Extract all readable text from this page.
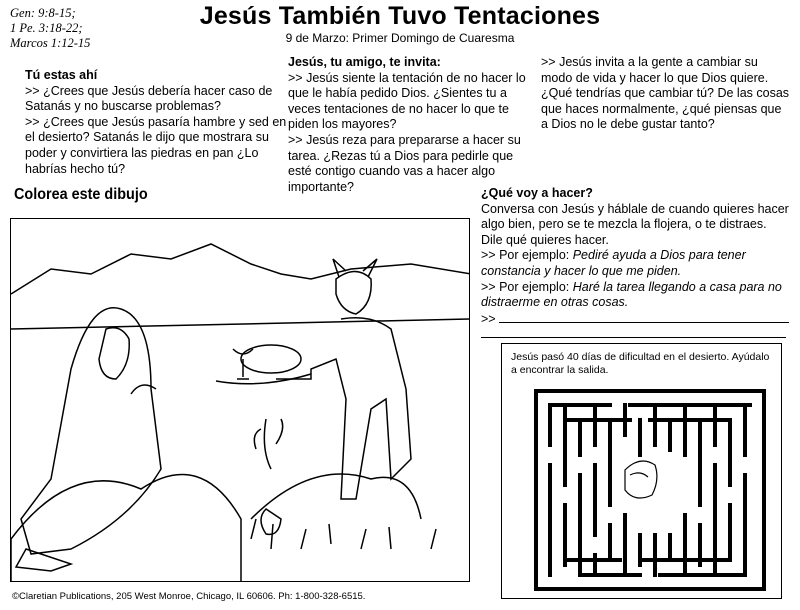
Gen: 9:8-15;
1 Pe. 3:18-22;
Marcos 1:12-15
Jesús También Tuvo Tentaciones
9 de Marzo: Primer Domingo de Cuaresma

Tú estas ahí

>> ¿Crees que Jesús debería hacer caso de Satanás y no buscarse problemas?

>> ¿Crees que Jesús pasaría hambre y sed en el desierto? Satanás le dijo que mostrara su poder y convirtiera las piedras en pan ¿Lo habrías hecho tú?

Jesús, tu amigo, te invita:

>> Jesús siente la tentación de no hacer lo que le había pedido Dios. ¿Sientes tu a veces tentaciones de no hacer lo que te piden los mayores?

>> Jesús reza para prepararse a hacer su tarea. ¿Rezas tú a Dios para pedirle que esté contigo cuando vas a hacer algo importante?

>> Jesús invita a la gente a cambiar su modo de vida y hacer lo que Dios quiere. ¿Qué tendrías que cambiar tú? De las cosas que haces normalmente, ¿qué piensas que a Dios no le debe gustar tanto?

¿Qué voy a hacer?

Conversa con Jesús y háblale de cuando quieres hacer algo bien, pero se te mezcla la flojera, o te distraes. Dile qué quieres hacer.

>> Por ejemplo: Pediré ayuda a Dios para tener constancia y hacer lo que me piden.

>> Por ejemplo: Haré la tarea llegando a casa para no distraerme en otras cosas.

>>

Colorea este dibujo
Jesús pasó 40 días de dificultad en el desierto. Ayúdalo a encontrar la salida.
©Claretian Publications, 205 West Monroe, Chicago, IL 60606. Ph: 1-800-328-6515.
